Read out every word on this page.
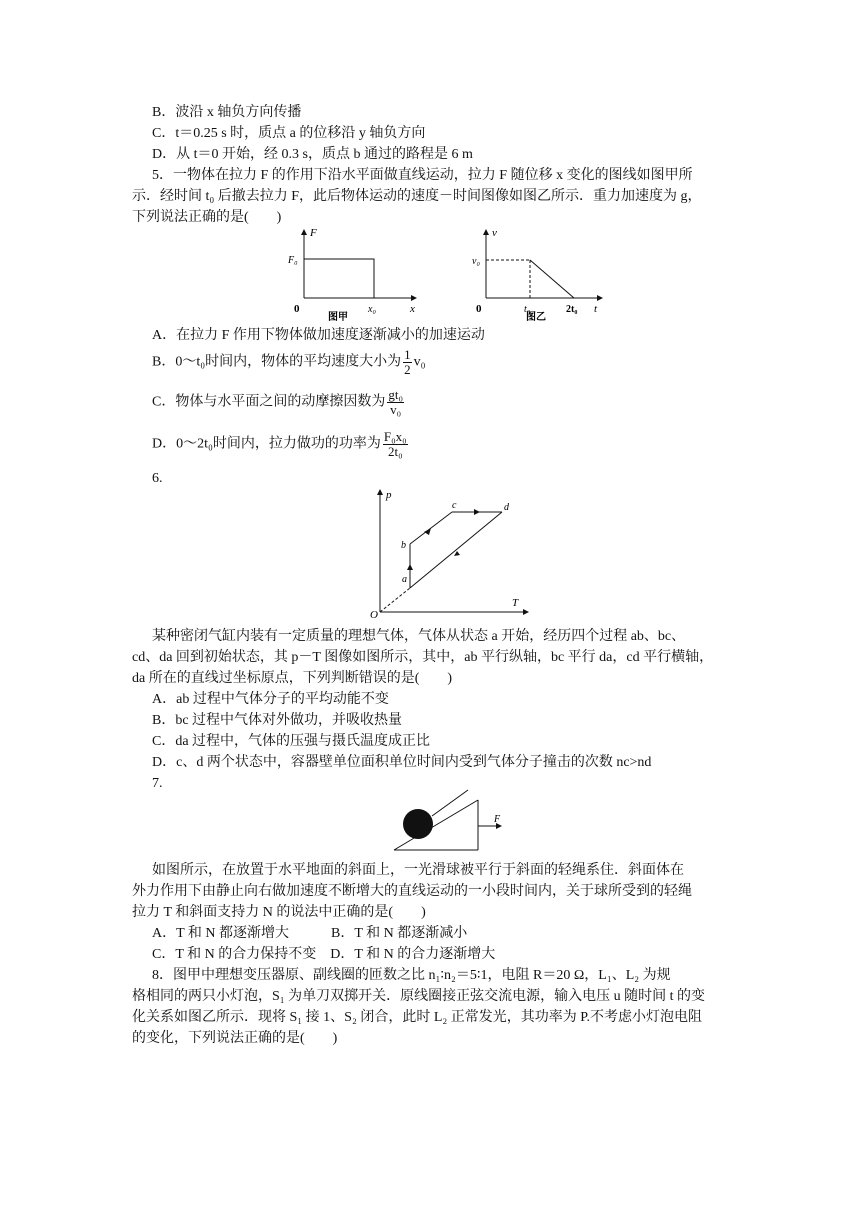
B．波沿 x 轴负方向传播
C．t＝0.25 s 时，质点 a 的位移沿 y 轴负方向
D．从 t＝0 开始，经 0.3 s，质点 b 通过的路程是 6 m
5．一物体在拉力 F 的作用下沿水平面做直线运动，拉力 F 随位移 x 变化的图线如图甲所
示．经时间 t₀ 后撤去拉力 F，此后物体运动的速度－时间图像如图乙所示．重力加速度为 g，
下列说法正确的是(　　)
F
x
0
F₀
x₀
图甲
v
t
0
v₀
t₀	2t₀
图乙
A．在拉力 F 作用下物体做加速度逐渐减小的加速运动
B．0～t₀时间内，物体的平均速度大小为 $\frac{1}{2} v_0$
C．物体与水平面之间的动摩擦因数为 $\frac{\text{gt₀}}{\text{v₀}}$
D．0～2t₀时间内，拉力做功的功率为 $\frac{\text{F₀x₀}}{\text{2t₀}}$
6.
p
T
O
a
b
c	d
某种密闭气缸内装有一定质量的理想气体，气体从状态 a 开始，经历四个过程 ab、bc、
cd、da 回到初始状态，其 p－T 图像如图所示，其中，ab 平行纵轴，bc 平行 da，cd 平行横轴，
da 所在的直线过坐标原点，下列判断错误的是(　　)
A．ab 过程中气体分子的平均动能不变
B．bc 过程中气体对外做功，并吸收热量
C．da 过程中，气体的压强与摄氏温度成正比
D．c、d 两个状态中，容器壁单位面积单位时间内受到气体分子撞击的次数 nc>nd
7.
F
如图所示，在放置于水平地面的斜面上，一光滑球被平行于斜面的轻绳系住．斜面体在
外力作用下由静止向右做加速度不断增大的直线运动的一小段时间内，关于球所受到的轻绳
拉力 T 和斜面支持力 N 的说法中正确的是(　　)
A．T 和 N 都逐渐增大　　　B．T 和 N 都逐渐减小
C．T 和 N 的合力保持不变　D．T 和 N 的合力逐渐增大
8．图甲中理想变压器原、副线圈的匝数之比 n₁∶n₂＝5∶1，电阻 R＝20 Ω，L₁、L₂ 为规
格相同的两只小灯泡，S₁ 为单刀双掷开关．原线圈接正弦交流电源，输入电压 u 随时间 t 的变
化关系如图乙所示．现将 S₁ 接 1、S₂ 闭合，此时 L₂ 正常发光，其功率为 P.不考虑小灯泡电阻
的变化，下列说法正确的是(　　)
